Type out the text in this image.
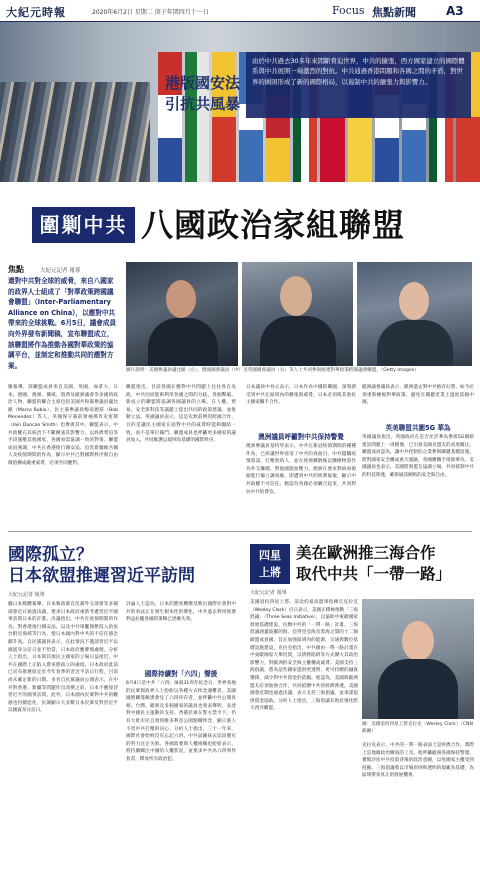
大紀元時報	2020年6月2日 星期二 庚子年閏四月十一日	Focus 焦點新聞	A3
港版國安法
引抗共風暴
由於中共過去30多年來間斷脅迫世界，中共的擴張，西方國家建立的國際體系與中共展開一場激烈的對抗。中共通過香港問題和各國之間的矛盾，對世界的圍困形成了新的國際格局，以遏制中共的擴張力與影響力。
圍剿中共 八國政治家組聯盟
焦點	大紀元記者 報導
還對中共對全球的威脅，來自八國家的政界人士組成了「對華政策跨國議會聯盟」（Inter-Parliamentary Alliance on China），以應對中共帶來的全球挑戰。6月5日，議會成員向外界發布新聞稿，宣布聯盟成立，該聯盟將作為推動各國對華政策的協調平台，並制定和推動共同的應對方案。
圖片說明：美國參議員盧比歐（左）、德國國會議員（中）及英國國會議員（右）等人士共同參與組建對華政策跨國議會聯盟。（Getty Images）
據報導，該聯盟成員來自美國、英國、加拿大、日本、德國、澳洲、挪威、瑞典及歐洲議會等多國的政治人物。聯盟的聯合主席包括美國共和黨參議員盧比歐（Marco Rubio）、民主黨參議員梅南德茲（Bob Menendez）等人，英國保守黨前領袖鄧肯史密斯（Iain Duncan Smith）也參與其中。聯盟表示，中共政權在其統治下不斷擴張其影響力，以經濟脅迫等手段施壓其他國家，各國亟需協調一致的對策。聯盟成員強調，中共在香港推行國安法、迫害新疆維吾爾人及疫情期間的作為，顯示中共已對國際秩序與自由價值構成嚴重威脅，必須共同應對。
聯盟指出，目前各國在應對中共問題上往往各自為政，中共因而能夠利用各國之間的分歧，各個擊破。新成立的聯盟將協調各國議員的立場，在人權、貿易、安全與科技等議題上提出共同的政策建議，並推動立法。英國議員表示，這是史無前例的跨國合作，目的是讓民主國家在面對中共的威脅時能夠團結一致，而不是單打獨鬥。聯盟成員也呼籲更多國家的議員加入，共同維護以規則為基礎的國際秩序。
日本議員中谷元表示，日本作為中國的鄰國，深刻感受到中共在區域內的擴張與威脅，日本必須與其他民主國家攜手合作。
澳洲議員呼籲對中共保持警覺
澳洲參議員基特琴表示，中共在新冠疫情期間的種種作為，已經讓世界看清了中共的真面目。中共隱瞞疫情資訊、打壓吹哨人，並在疫情擴散後以醫療物資作為外交籌碼，對他國施加壓力。澳洲在要求對病毒源頭進行獨立調查後，即遭到中共的經濟報復，顯示中共政權不可信任。她認為各國必須聯合起來，共同對抗中共的脅迫。
歐洲議會議員表示，歐洲過去對中共抱有幻想，如今必須重新檢視對華政策，避免在關鍵產業上過度依賴中國。
英美聯盟共圍5G 華為
英國議員指出，英國政府在是否允許華為參與5G網絡建設問題上一再猶豫，已引發美國及盟友的高度關注。聯盟成員認為，讓中共控制的企業參與關鍵基礎設施，將對國家安全構成重大風險，各國應攜手排除華為。美國議員也表示，美國將與盟友協調立場，共同抵制中共的科技滲透，確保通訊網絡的安全與自由。
國際孤立？
日本欲盟推遲習近平訪問
大紀元記者 報導
據日本媒體報導，日本執政黨自民黨外交部會等多個部會近日通過決議，要求日本政府重新考慮習近平國事訪問日本的計畫。決議指出，中共在疫情期間的作為、對香港推行國安法，以及中共軍艦頻繁侵入釣魚台附近海域等行為，使日本國內對中共的不信任感急劇升高。自民黨議員表示，在此情況下邀請習近平以國賓身分訪日並不恰當，日本政府應審慎處理。分析人士指出，日本與其他民主國家的立場日益接近，中共在國際上正陷入愈來愈孤立的處境。日本政府此前已宣布推遲原定於今年春季的習近平訪日行程，目前尚未確定新的日期。多名自民黨議員公開表示，在中共對香港、新疆等問題作出改變之前，日本不應接待習近平的國事訪問。此外，日本國內民眾對中共的觀感也持續惡化，民調顯示大多數日本民眾反對習近平以國賓身分訪日。
評論人士認為，日本的態度轉變反映出國際社會對中共的看法正在發生根本性的變化，中共過去利用經濟利益拉攏各國的策略已逐漸失效。
國際持續對「六四」聲援
6月4日是中共「六四」屠殺31周年紀念日，世界各地的民眾與政界人士紛紛以各種方式悼念遇難者。美國國務卿蓬佩奧會見了六四倖存者，並呼籲中共公開真相。台灣、歐洲及多個國家的議員也發表聲明，表達對中國民主運動的支持。香港民眾在警方禁令下，仍有大批市民自發到維多利亞公園點燭悼念，顯示港人不畏中共打壓的決心。分析人士指出，三十一年來，國際社會始終沒有忘記六四，中共試圖抹去這段歷史的努力注定失敗。各國政要與人權組織也紛紛表示，將持續關注中國的人權狀況，並要求中共為六四事件負責，釋放所有政治犯。
四星
上將
美在歐洲推三海合作
取代中共「一帶一路」
大紀元記者 報導
美國退役四星上將、前北約最高盟軍指揮官克拉克（Wesley Clark）近日表示，美國正積極推動「三海倡議」（Three Seas Initiative），以協助中東歐國家發展基礎建設，抗衡中共的「一帶一路」計畫。三海倡議涵蓋波羅的海、亞得里亞海及黑海之間的十二個歐盟成員國，旨在加強區域內的能源、交通與數位基礎設施建設。克拉克指出，中共藉由一帶一路計畫在中東歐國家大舉投資，以債務陷阱等方式擴大其政治影響力，對歐洲的安全與主權構成威脅。美國支持三海倡議，將為這些國家提供更透明、更可持續的融資選擇，減少對中共資金的依賴。他認為，美國與歐洲盟友必須加強合作，共同抵禦中共的經濟滲透。美國國會近期也通過決議，表示支持三海倡議，並承諾提供資金協助。分析人士指出，三海倡議有助於強化跨大西洋聯盟。
圖：美國退役四星上將克拉克（Wesley Clark）（CNN 截圖）
克拉克表示，中共的一帶一路表面上是經濟合作，實際上是地緣政治擴張的工具。他呼籲歐洲各國保持警覺，審慎評估中共投資背後的政治意圖，以免國家主權受到侵蝕。三海倡議將以市場原則和透明的規範為基礎，為區域帶來真正的發展機會。
